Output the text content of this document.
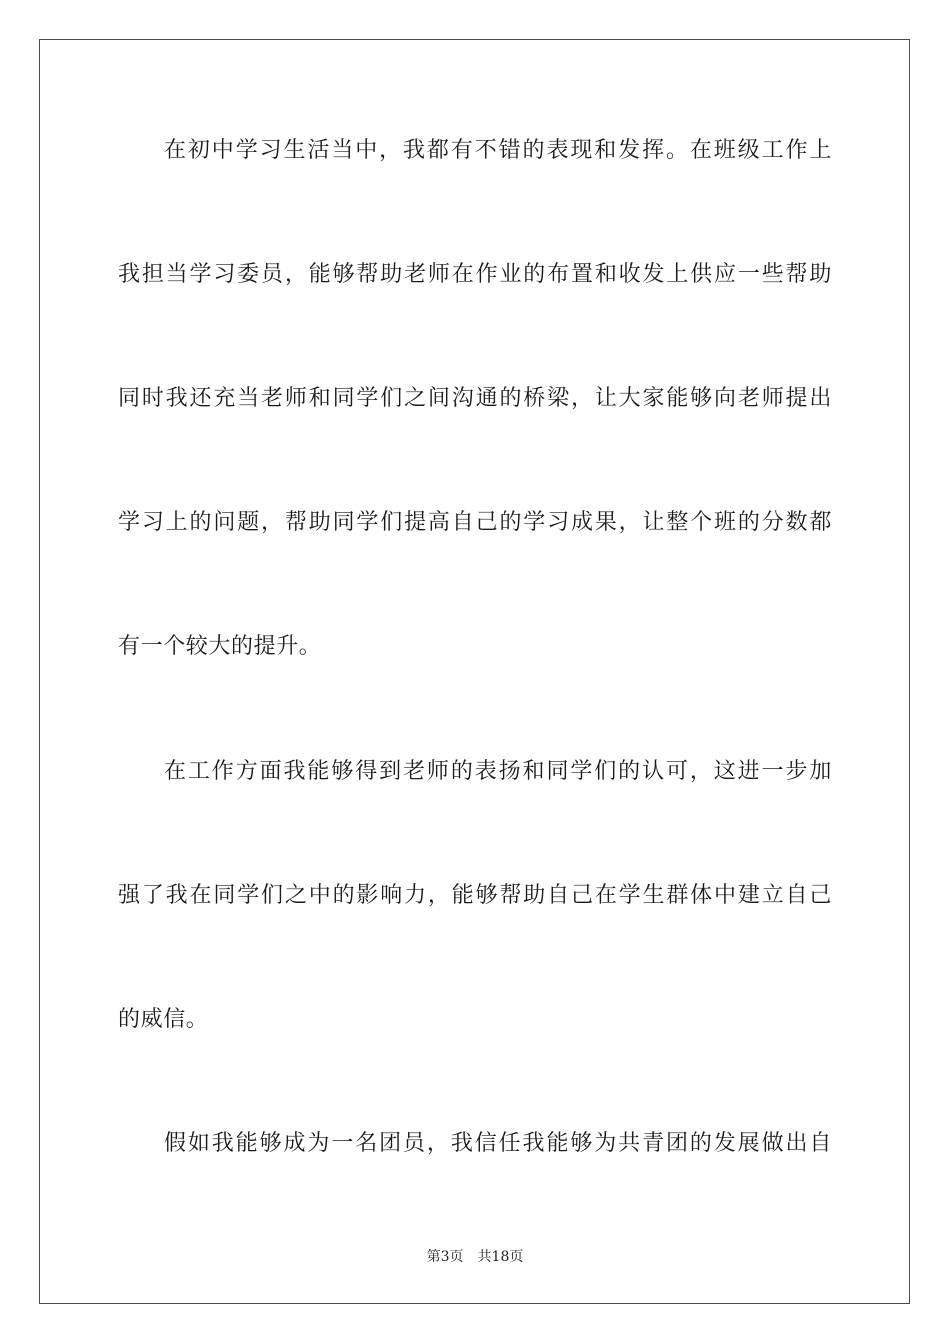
在初中学习生活当中，我都有不错的表现和发挥。在班级工作上
我担当学习委员，能够帮助老师在作业的布置和收发上供应一些帮助
同时我还充当老师和同学们之间沟通的桥梁，让大家能够向老师提出
学习上的问题，帮助同学们提高自己的学习成果，让整个班的分数都
有一个较大的提升。
在工作方面我能够得到老师的表扬和同学们的认可，这进一步加
强了我在同学们之中的影响力，能够帮助自己在学生群体中建立自己
的威信。
假如我能够成为一名团员，我信任我能够为共青团的发展做出自
第3页 共18页
